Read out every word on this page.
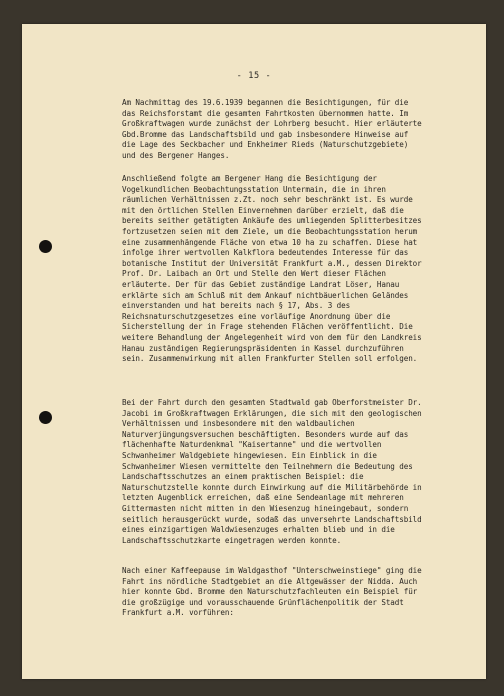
- 15 -

Am Nachmittag des 19.6.1939 begannen die Besichtigungen, für die das Reichsforstamt die gesamten Fahrtkosten übernommen hatte. Im Großkraftwagen wurde zunächst der Lohrberg besucht. Hier erläuterte Gbd.Bromme das Landschaftsbild und gab insbesondere Hinweise auf die Lage des Seckbacher und Enkheimer Rieds (Naturschutzgebiete) und des Bergener Hanges.

Anschließend folgte am Bergener Hang die Besichtigung der Vogelkundlichen Beobachtungsstation Untermain, die in ihren räumlichen Verhältnissen z.Zt. noch sehr beschränkt ist. Es wurde mit den örtlichen Stellen Einvernehmen darüber erzielt, daß die bereits seither getätigten Ankäufe des umliegenden Splitterbesitzes fortzusetzen seien mit dem Ziele, um die Beobachtungsstation herum eine zusammenhängende Fläche von etwa 10 ha zu schaffen. Diese hat infolge ihrer wertvollen Kalkflora bedeutendes Interesse für das botanische Institut der Universität Frankfurt a.M., dessen Direktor Prof. Dr. Laibach an Ort und Stelle den Wert dieser Flächen erläuterte. Der für das Gebiet zuständige Landrat Löser, Hanau erklärte sich am Schluß mit dem Ankauf nichtbäuerlichen Geländes einverstanden und hat bereits nach § 17, Abs. 3 des Reichsnaturschutzgesetzes eine vorläufige Anordnung über die Sicherstellung der in Frage stehenden Flächen veröffentlicht. Die weitere Behandlung der Angelegenheit wird von dem für den Landkreis Hanau zuständigen Regierungspräsidenten in Kassel durchzuführen sein. Zusammenwirkung mit allen Frankfurter Stellen soll erfolgen.

Bei der Fahrt durch den gesamten Stadtwald gab Oberforstmeister Dr. Jacobi im Großkraftwagen Erklärungen, die sich mit den geologischen Verhältnissen und insbesondere mit den waldbaulichen Naturverjüngungsversuchen beschäftigten. Besonders wurde auf das flächenhafte Naturdenkmal "Kaisertanne" und die wertvollen Schwanheimer Waldgebiete hingewiesen. Ein Einblick in die Schwanheimer Wiesen vermittelte den Teilnehmern die Bedeutung des Landschaftsschutzes an einem praktischen Beispiel: die Naturschutzstelle konnte durch Einwirkung auf die Militärbehörde in letzten Augenblick erreichen, daß eine Sendeanlage mit mehreren Gittermasten nicht mitten in den Wiesenzug hineingebaut, sondern seitlich herausgerückt wurde, sodaß das unversehrte Landschaftsbild eines einzigartigen Waldwiesenzuges erhalten blieb und in die Landschaftsschutzkarte eingetragen werden konnte.

Nach einer Kaffeepause im Waldgasthof "Unterschweinstiege" ging die Fahrt ins nördliche Stadtgebiet an die Altgewässer der Nidda. Auch hier konnte Gbd. Bromme den Naturschutzfachleuten ein Beispiel für die großzügige und vorausschauende Grünflächenpolitik der Stadt Frankfurt a.M. vorführen:
